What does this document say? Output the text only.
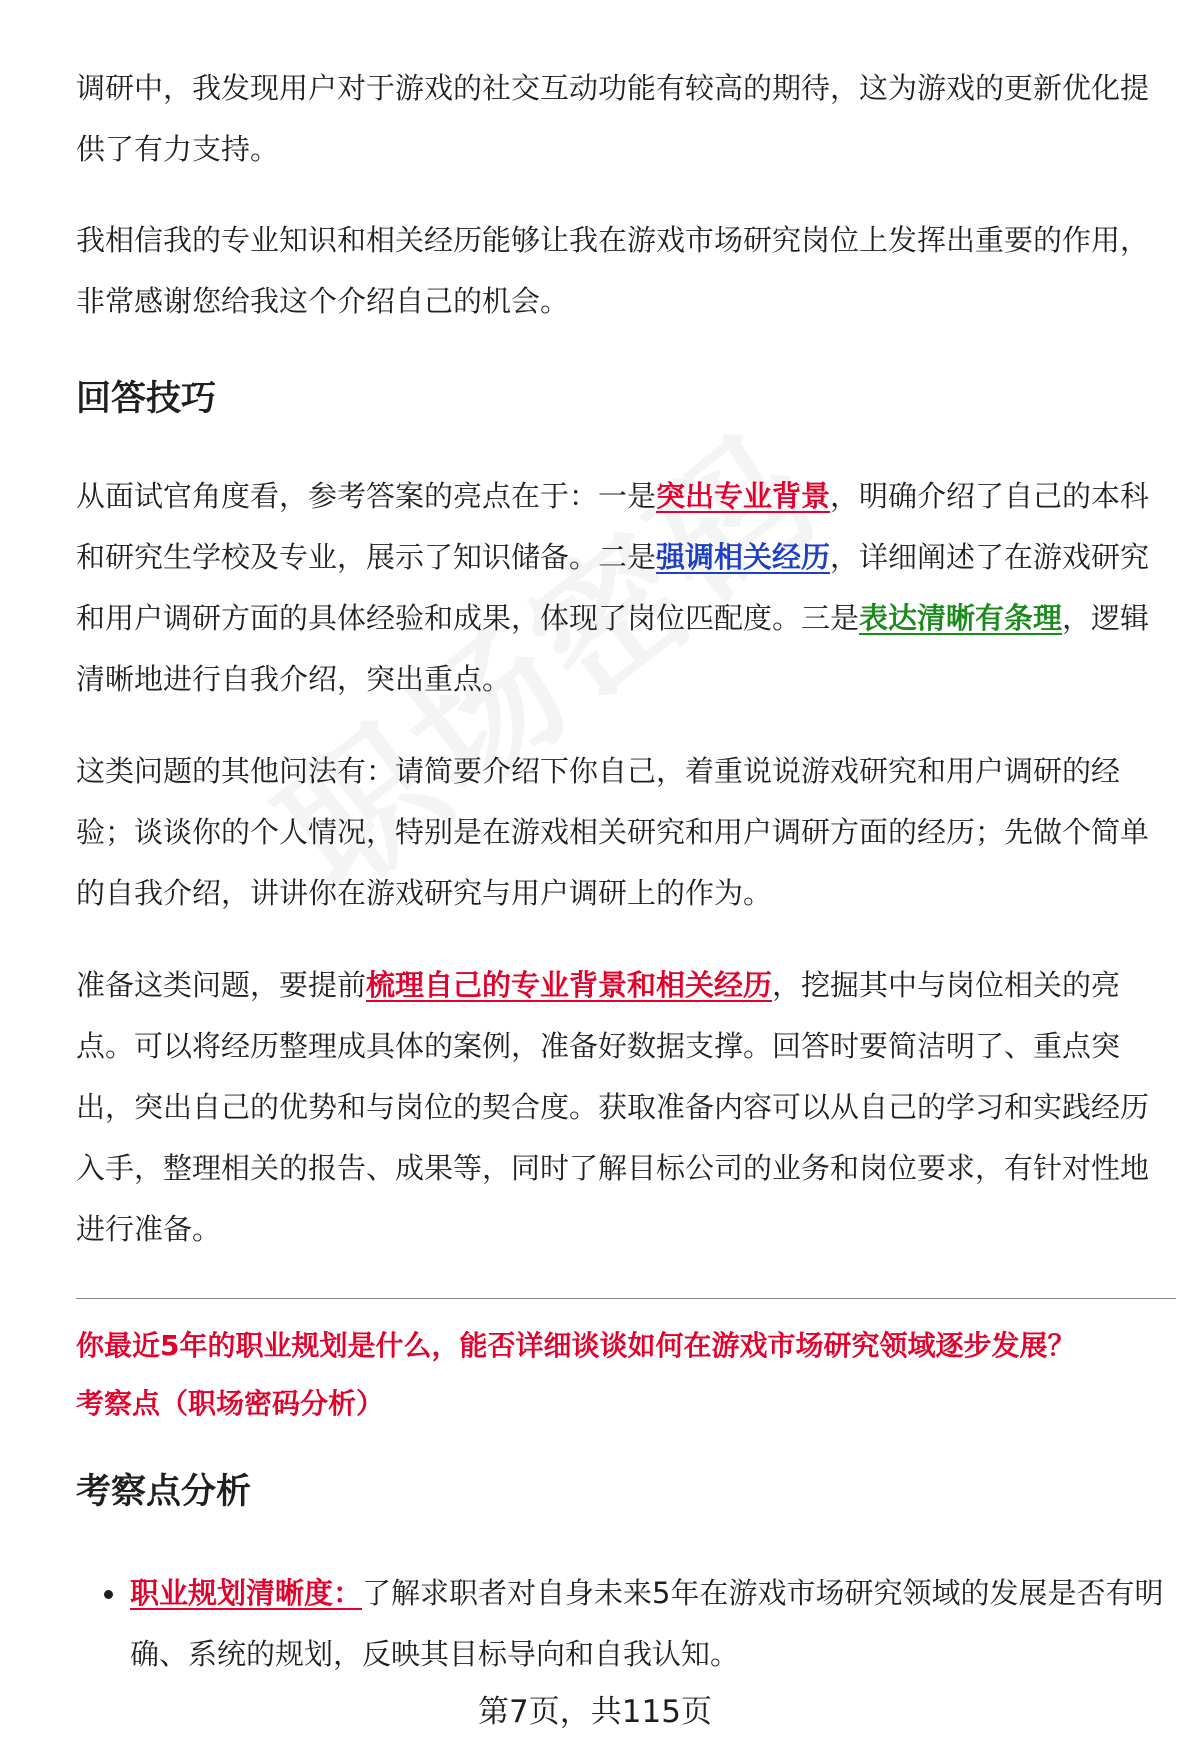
调研中，我发现用户对于游戏的社交互动功能有较高的期待，这为游戏的更新优化提供了有力支持。

我相信我的专业知识和相关经历能够让我在游戏市场研究岗位上发挥出重要的作用，非常感谢您给我这个介绍自己的机会。

回答技巧

从面试官角度看，参考答案的亮点在于：一是突出专业背景，明确介绍了自己的本科和研究生学校及专业，展示了知识储备。二是强调相关经历，详细阐述了在游戏研究和用户调研方面的具体经验和成果，体现了岗位匹配度。三是表达清晰有条理，逻辑清晰地进行自我介绍，突出重点。

这类问题的其他问法有：请简要介绍下你自己，着重说说游戏研究和用户调研的经验；谈谈你的个人情况，特别是在游戏相关研究和用户调研方面的经历；先做个简单的自我介绍，讲讲你在游戏研究与用户调研上的作为。

准备这类问题，要提前梳理自己的专业背景和相关经历，挖掘其中与岗位相关的亮点。可以将经历整理成具体的案例，准备好数据支撑。回答时要简洁明了、重点突出，突出自己的优势和与岗位的契合度。获取准备内容可以从自己的学习和实践经历入手，整理相关的报告、成果等，同时了解目标公司的业务和岗位要求，有针对性地进行准备。

你最近5年的职业规划是什么，能否详细谈谈如何在游戏市场研究领域逐步发展？

考察点（职场密码分析）

考察点分析
职业规划清晰度：了解求职者对自身未来5年在游戏市场研究领域的发展是否有明确、系统的规划，反映其目标导向和自我认知。
第7页，共115页
